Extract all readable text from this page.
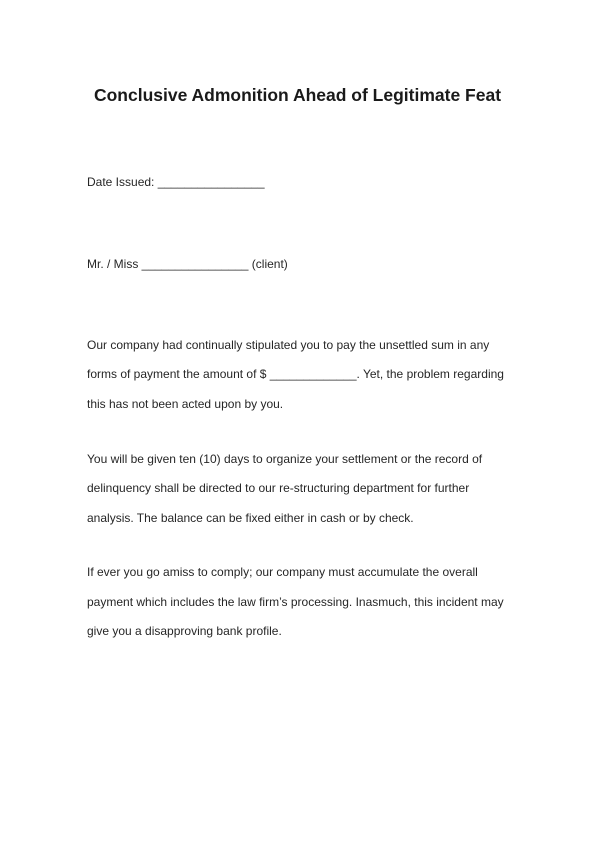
Conclusive Admonition Ahead of Legitimate Feat
Date Issued: ________________
Mr. / Miss ________________ (client)
Our company had continually stipulated you to pay the unsettled sum in any
forms of payment the amount of $ _____________. Yet, the problem regarding
this has not been acted upon by you.
You will be given ten (10) days to organize your settlement or the record of
delinquency shall be directed to our re-structuring department for further
analysis. The balance can be fixed either in cash or by check.
If ever you go amiss to comply; our company must accumulate the overall
payment which includes the law firm’s processing. Inasmuch, this incident may
give you a disapproving bank profile.
